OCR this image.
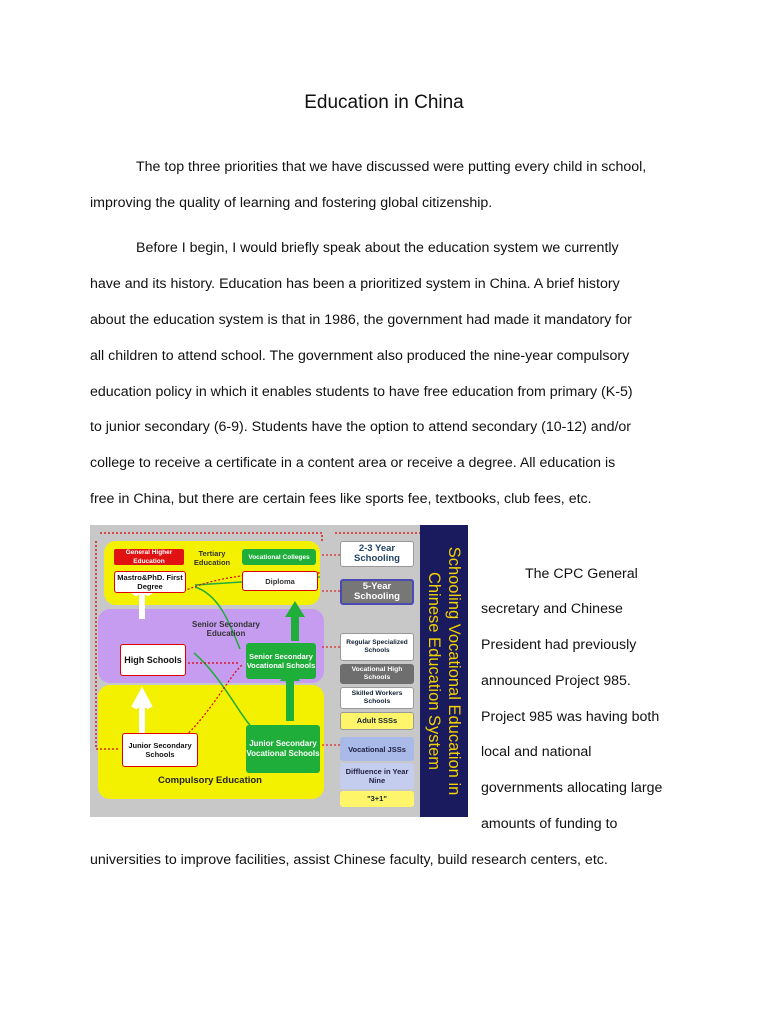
Education in China
The top three priorities that we have discussed were putting every child in school,
improving the quality of learning and fostering global citizenship.
Before I begin, I would briefly speak about the education system we currently
have and its history. Education has been a prioritized system in China. A brief history
about the education system is that in 1986, the government had made it mandatory for
all children to attend school. The government also produced the nine-year compulsory
education policy in which it enables students to have free education from primary (K-5)
to junior secondary (6-9). Students have the option to attend secondary (10-12) and/or
college to receive a certificate in a content area or receive a degree. All education is
free in China, but there are certain fees like sports fee, textbooks, club fees, etc.
General Higher Education
Tertiary Education
Vocational Colleges
Mastro&PhD. First Degree
Diploma
Senior Secondary Education
High Schools	Senior Secondary Vocational Schools
Junior Secondary Schools
Junior Secondary Vocational Schools
Compulsory Education
2-3 Year Schooling
5-Year Schooling
Regular Specialized Schools
Vocational High Schools
Skilled Workers Schools
Adult SSSs
Vocational JSSs
Diffluence in Year Nine
"3+1"
Schooling Vocational Education in
Chinese Education System	The CPC General
secretary and Chinese
President had previously
announced Project 985.
Project 985 was having both
local and national
governments allocating large
amounts of funding to
universities to improve facilities, assist Chinese faculty, build research centers, etc.
